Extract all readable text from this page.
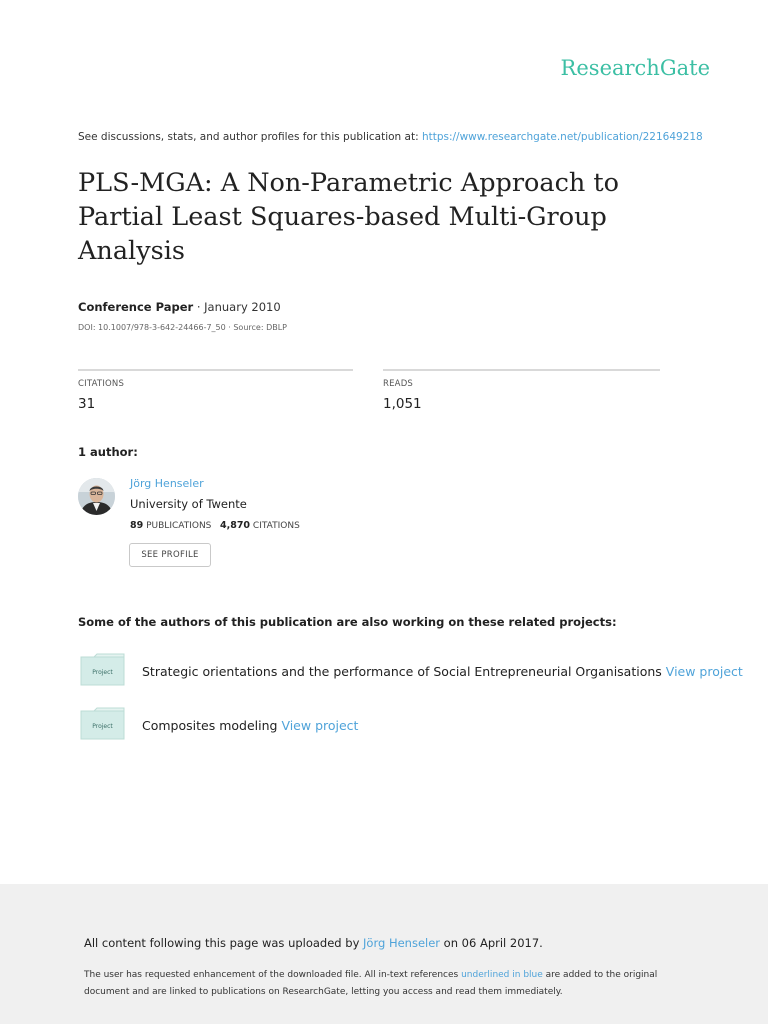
ResearchGate
See discussions, stats, and author profiles for this publication at: https://www.researchgate.net/publication/221649218
PLS-MGA: A Non-Parametric Approach to Partial Least Squares-based Multi-Group Analysis
Conference Paper · January 2010
DOI: 10.1007/978-3-642-24466-7_50 · Source: DBLP
CITATIONS
31
READS
1,051
1 author:
Jörg Henseler
University of Twente
89 PUBLICATIONS 4,870 CITATIONS
SEE PROFILE
Some of the authors of this publication are also working on these related projects:
Project Strategic orientations and the performance of Social Entrepreneurial Organisations View project
Project Composites modeling View project
All content following this page was uploaded by Jörg Henseler on 06 April 2017.
The user has requested enhancement of the downloaded file. All in-text references underlined in blue are added to the original document and are linked to publications on ResearchGate, letting you access and read them immediately.
